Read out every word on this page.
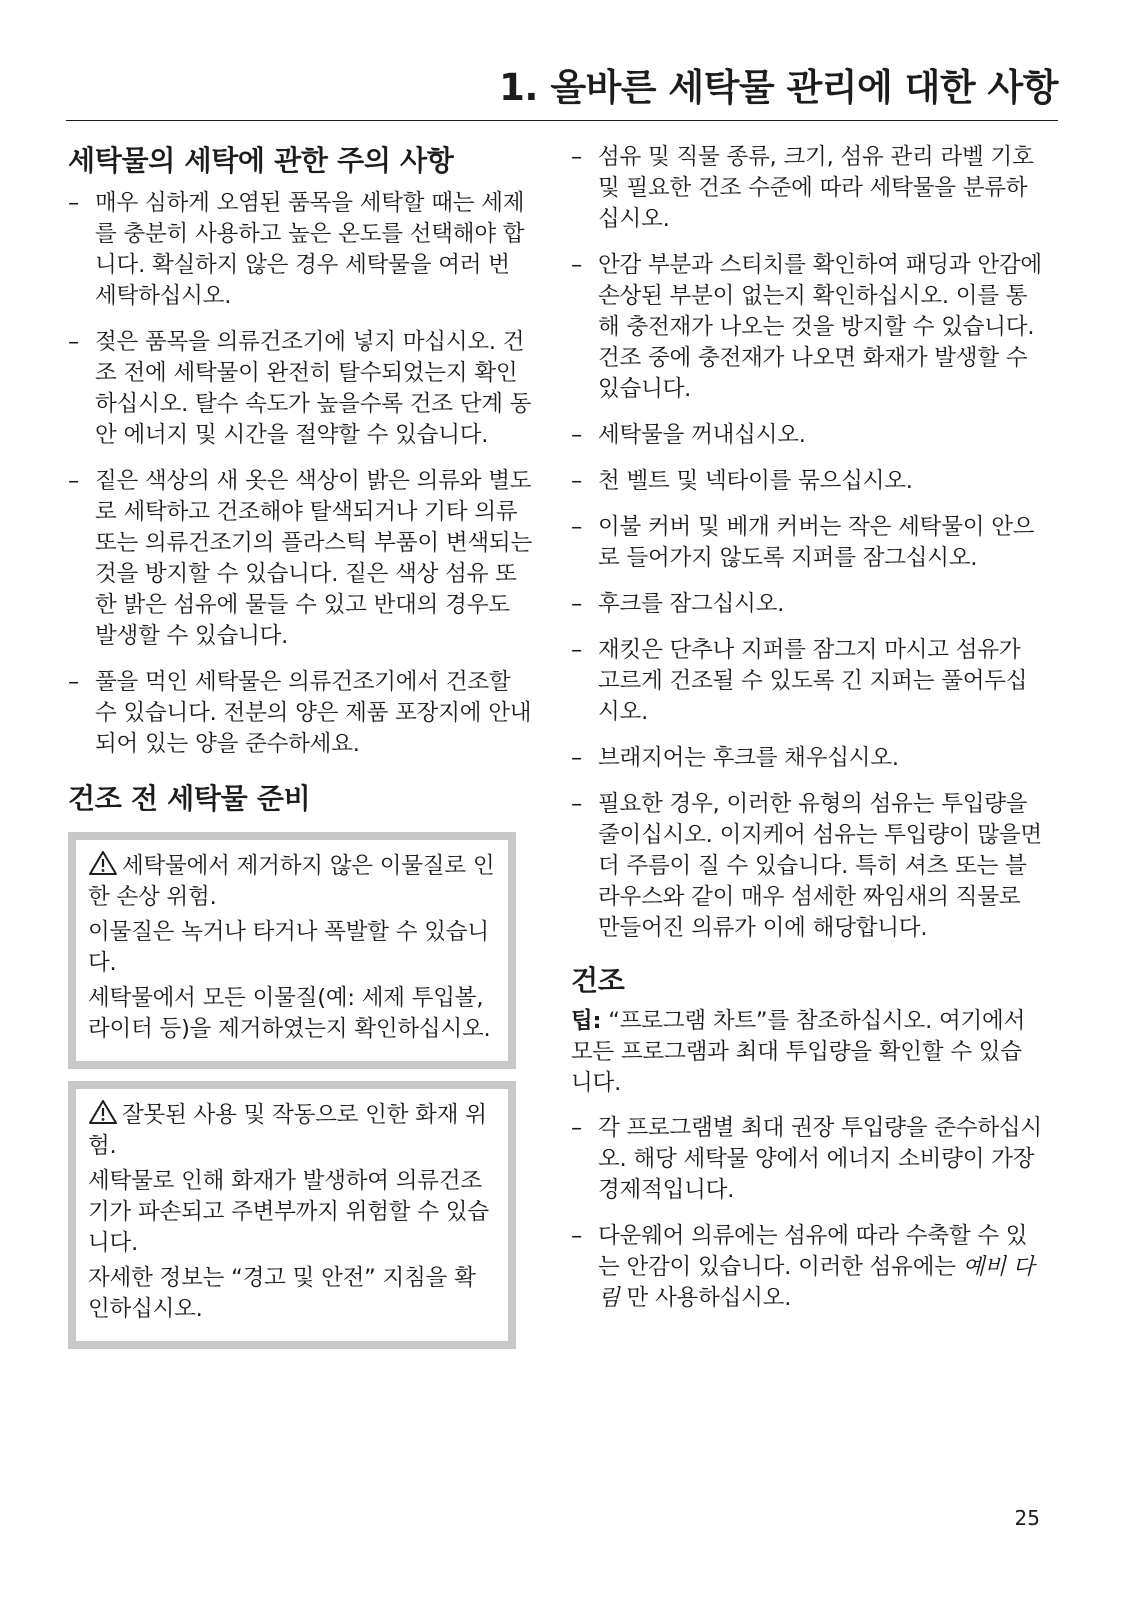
1. 올바른 세탁물 관리에 대한 사항
세탁물의 세탁에 관한 주의 사항
– 매우 심하게 오염된 품목을 세탁할 때는 세제를 충분히 사용하고 높은 온도를 선택해야 합니다. 확실하지 않은 경우 세탁물을 여러 번 세탁하십시오.
– 젖은 품목을 의류건조기에 넣지 마십시오. 건조 전에 세탁물이 완전히 탈수되었는지 확인하십시오. 탈수 속도가 높을수록 건조 단계 동안 에너지 및 시간을 절약할 수 있습니다.
– 짙은 색상의 새 옷은 색상이 밝은 의류와 별도로 세탁하고 건조해야 탈색되거나 기타 의류 또는 의류건조기의 플라스틱 부품이 변색되는 것을 방지할 수 있습니다. 짙은 색상 섬유 또한 밝은 섬유에 물들 수 있고 반대의 경우도 발생할 수 있습니다.
– 풀을 먹인 세탁물은 의류건조기에서 건조할 수 있습니다. 전분의 양은 제품 포장지에 안내되어 있는 양을 준수하세요.
건조 전 세탁물 준비

세탁물에서 제거하지 않은 이물질로 인한 손상 위험.

이물질은 녹거나 타거나 폭발할 수 있습니다.

세탁물에서 모든 이물질(예: 세제 투입볼, 라이터 등)을 제거하였는지 확인하십시오.

잘못된 사용 및 작동으로 인한 화재 위험.

세탁물로 인해 화재가 발생하여 의류건조기가 파손되고 주변부까지 위험할 수 있습니다.

자세한 정보는 “경고 및 안전” 지침을 확인하십시오.

– 섬유 및 직물 종류, 크기, 섬유 관리 라벨 기호 및 필요한 건조 수준에 따라 세탁물을 분류하십시오.
– 안감 부분과 스티치를 확인하여 패딩과 안감에 손상된 부분이 없는지 확인하십시오. 이를 통해 충전재가 나오는 것을 방지할 수 있습니다. 건조 중에 충전재가 나오면 화재가 발생할 수 있습니다.
– 세탁물을 꺼내십시오.
– 천 벨트 및 넥타이를 묶으십시오.
– 이불 커버 및 베개 커버는 작은 세탁물이 안으로 들어가지 않도록 지퍼를 잠그십시오.
– 후크를 잠그십시오.
– 재킷은 단추나 지퍼를 잠그지 마시고 섬유가 고르게 건조될 수 있도록 긴 지퍼는 풀어두십시오.
– 브래지어는 후크를 채우십시오.
– 필요한 경우, 이러한 유형의 섬유는 투입량을 줄이십시오. 이지케어 섬유는 투입량이 많을면 더 주름이 질 수 있습니다. 특히 셔츠 또는 블라우스와 같이 매우 섬세한 짜임새의 직물로 만들어진 의류가 이에 해당합니다.
건조

팁: “프로그램 차트”를 참조하십시오. 여기에서 모든 프로그램과 최대 투입량을 확인할 수 있습니다.

– 각 프로그램별 최대 권장 투입량을 준수하십시오. 해당 세탁물 양에서 에너지 소비량이 가장 경제적입니다.
– 다운웨어 의류에는 섬유에 따라 수축할 수 있는 안감이 있습니다. 이러한 섬유에는 예비 다림 만 사용하십시오.
25
